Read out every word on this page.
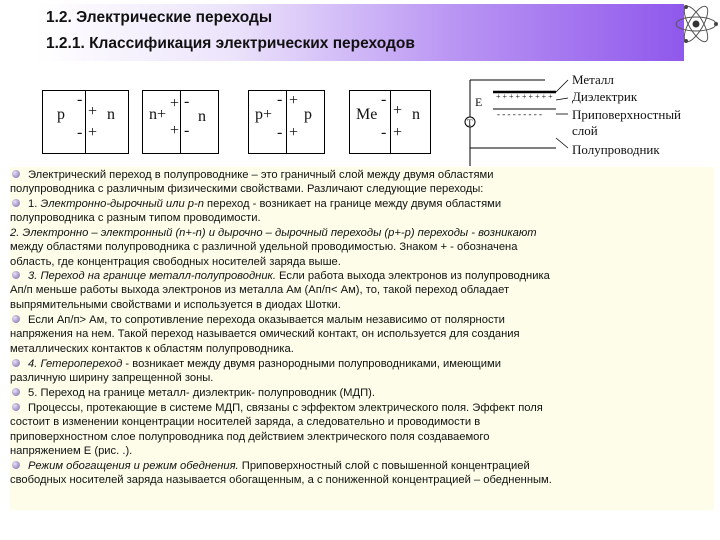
1.2. Электрические переходы
1.2.1. Классификация электрических переходов
p
-
-
+
+
n n+
+
+
-
-
n	p+
-
-
+
+
p	Me
-
-
+
+
n
E + + + + + + + + +
- - - - - - - - -
T
Металл
Диэлектрик
Приповерхностный
слой
Полупроводник
Электрический переход в полупроводнике – это граничный слой между двумя областями
полупроводника с различным физическими свойствами. Различают следующие переходы:
1. Электронно-дырочный или p-n переход - возникает на границе между двумя областями
полупроводника с разным типом проводимости.
2. Электронно – электронный (n+-n) и дырочно – дырочный переходы (p+-p) переходы - возникают
между областями полупроводника с различной удельной проводимостью. Знаком + - обозначена
область, где концентрация свободных носителей заряда выше.
3. Переход на границе металл-полупроводник. Если работа выхода электронов из полупроводника
Ап/п меньше работы выхода электронов из металла Ам (Ап/п< Ам), то, такой переход обладает
выпрямительными свойствами и используется в диодах Шотки.
Если Ап/п> Ам, то сопротивление перехода оказывается малым независимо от полярности
напряжения на нем. Такой переход называется омический контакт, он используется для создания
металлических контактов к областям полупроводника.
4. Гетеропереход - возникает между двумя разнородными полупроводниками, имеющими
различную ширину запрещенной зоны.
5. Переход на границе металл- диэлектрик- полупроводник (МДП).
Процессы, протекающие в системе МДП, связаны с эффектом электрического поля. Эффект поля
состоит в изменении концентрации носителей заряда, а следовательно и проводимости в
приповерхностном слое полупроводника под действием электрического поля создаваемого
напряжением E (рис. .).
Режим обогащения и режим обеднения. Приповерхностный слой с повышенной концентрацией
свободных носителей заряда называется обогащенным, а с пониженной концентрацией – обедненным.
